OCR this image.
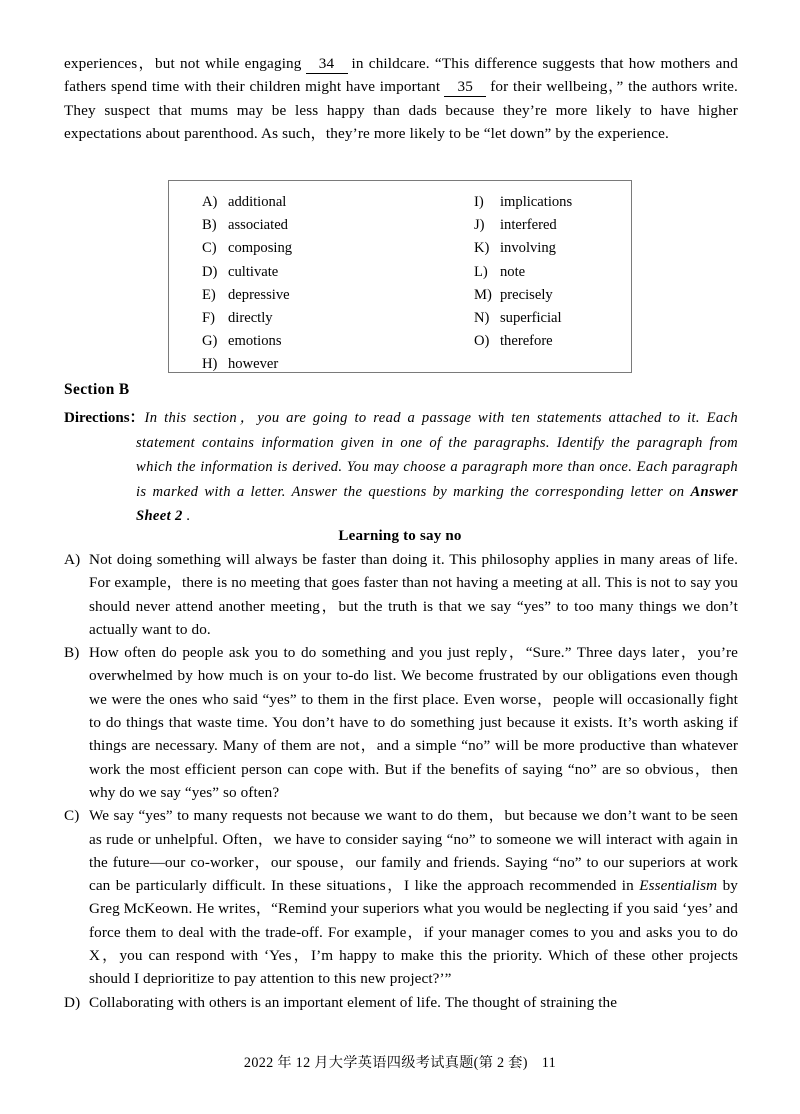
experiences，but not while engaging 34 in childcare. “This difference suggests that how mothers and fathers spend time with their children might have important 35 for their wellbeing，” the authors write. They suspect that mums may be less happy than dads because they’re more likely to have higher expectations about parenthood. As such，they’re more likely to be “let down” by the experience.

A) additional
B) associated
C) composing
D) cultivate
E) depressive
F) directly
G) emotions
H) however
I) implications
J) interfered
K) involving
L) note
M) precisely
N) superficial
O) therefore
Section B
Directions： In this section，you are going to read a passage with ten statements attached to it. Each statement contains information given in one of the paragraphs. Identify the paragraph from which the information is derived. You may choose a paragraph more than once. Each paragraph is marked with a letter. Answer the questions by marking the corresponding letter on Answer Sheet 2 .

Learning to say no

A) Not doing something will always be faster than doing it. This philosophy applies in many areas of life. For example，there is no meeting that goes faster than not having a meeting at all. This is not to say you should never attend another meeting，but the truth is that we say “yes” to too many things we don’t actually want to do.

B) How often do people ask you to do something and you just reply，“Sure.” Three days later，you’re overwhelmed by how much is on your to-do list. We become frustrated by our obligations even though we were the ones who said “yes” to them in the first place. Even worse，people will occasionally fight to do things that waste time. You don’t have to do something just because it exists. It’s worth asking if things are necessary. Many of them are not，and a simple “no” will be more productive than whatever work the most efficient person can cope with. But if the benefits of saying “no” are so obvious，then why do we say “yes” so often?

C) We say “yes” to many requests not because we want to do them，but because we don’t want to be seen as rude or unhelpful. Often，we have to consider saying “no” to someone we will interact with again in the future—our co-worker，our spouse，our family and friends. Saying “no” to our superiors at work can be particularly difficult. In these situations，I like the approach recommended in Essentialism by Greg McKeown. He writes，“Remind your superiors what you would be neglecting if you said ‘yes’ and force them to deal with the trade-off. For example，if your manager comes to you and asks you to do X，you can respond with ‘Yes，I’m happy to make this the priority. Which of these other projects should I deprioritize to pay attention to this new project?’”

D) Collaborating with others is an important element of life. The thought of straining the

2022 年 12 月大学英语四级考试真题(第 2 套) 11
